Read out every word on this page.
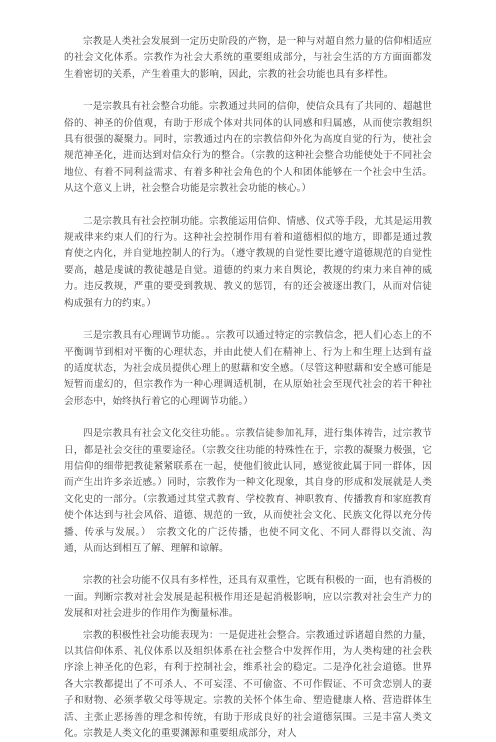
宗教是人类社会发展到一定历史阶段的产物，是一种与对超自然力量的信仰相适应的社会文化体系。宗教作为社会大系统的重要组成部分，与社会生活的方方面面都发生着密切的关系，产生着重大的影响，因此，宗教的社会功能也具有多样性。

一是宗教具有社会整合功能。宗教通过共同的信仰，使信众具有了共同的、超越世俗的、神圣的价值观，有助于形成个体对共同体的认同感和归属感，从而使宗教组织具有很强的凝聚力。同时，宗教通过内在的宗教信仰外化为高度自觉的行为，使社会规范神圣化，进而达到对信众行为的整合。（宗教的这种社会整合功能使处于不同社会地位、有着不同利益需求、有着多种社会角色的个人和团体能够在一个社会中生活。从这个意义上讲，社会整合功能是宗教社会功能的核心。）

二是宗教具有社会控制功能。宗教能运用信仰、情感、仪式等手段，尤其是运用教规戒律来约束人们的行为。这种社会控制作用有着和道德相似的地方，即都是通过教育使之内化，并自觉地控制人的行为。（遵守教规的自觉性要比遵守道德规范的自觉性要高，越是虔诚的教徒越是自觉。道德的约束力来自舆论，教规的约束力来自神的威力。违反教规，严重的要受到教规、教义的惩罚，有的还会被逐出教门，从而对信徒构成强有力的约束。）

三是宗教具有心理调节功能。。宗教可以通过特定的宗教信念，把人们心态上的不平衡调节到相对平衡的心理状态，并由此使人们在精神上、行为上和生理上达到有益的适度状态，为社会成员提供心理上的慰藉和安全感。（尽管这种慰藉和安全感可能是短暂而虚幻的，但宗教作为一种心理调适机制，在从原始社会至现代社会的若干种社会形态中，始终执行着它的心理调节功能。）

四是宗教具有社会文化交往功能。。宗教信徒参加礼拜，进行集体祷告，过宗教节日，都是社会交往的重要途径。（宗教交往功能的特殊性在于，宗教的凝聚力极强，它用信仰的细带把教徒紧紧联系在一起，使他们彼此认同，感觉彼此属于同一群体，因而产生出许多亲近感。）同时，宗教作为一种文化现象，其自身的形成和发展就是人类文化史的一部分。（宗教通过其堂式教育、学校教育、神职教育、传播教育和家庭教育使个体达到与社会风俗、道德、规范的一致，从而使社会文化、民族文化得以充分传播、传承与发展。）　宗教文化的广泛传播，也使不同文化、不同人群得以交流、沟通，从而达到相互了解、理解和谅解。

宗教的社会功能不仅具有多样性，还具有双重性，它既有积极的一面，也有消极的一面。判断宗教对社会发展是起积极作用还是起消极影响，应以宗教对社会生产力的发展和对社会进步的作用作为衡量标准。

宗教的积极性社会功能表现为：一是促进社会整合。宗教通过诉诸超自然的力量，以其信仰体系、礼仪体系以及组织体系在社会整合中发挥作用，为人类构建的社会秩序涂上神圣化的色彩，有利于控制社会，维系社会的稳定。二是净化社会道德。世界各大宗教都提出了不可杀人、不可妄淫、不可偷盗、不可作假证、不可贪恋别人的妻子和财物、必须孝敬父母等规定。宗教的关怀个体生命、塑造健康人格、营造群体生活、主张止恶扬善的理念和传统，有助于形成良好的社会道德氛围。三是丰富人类文化。宗教是人类文化的重要渊源和重要组成部分，对人
